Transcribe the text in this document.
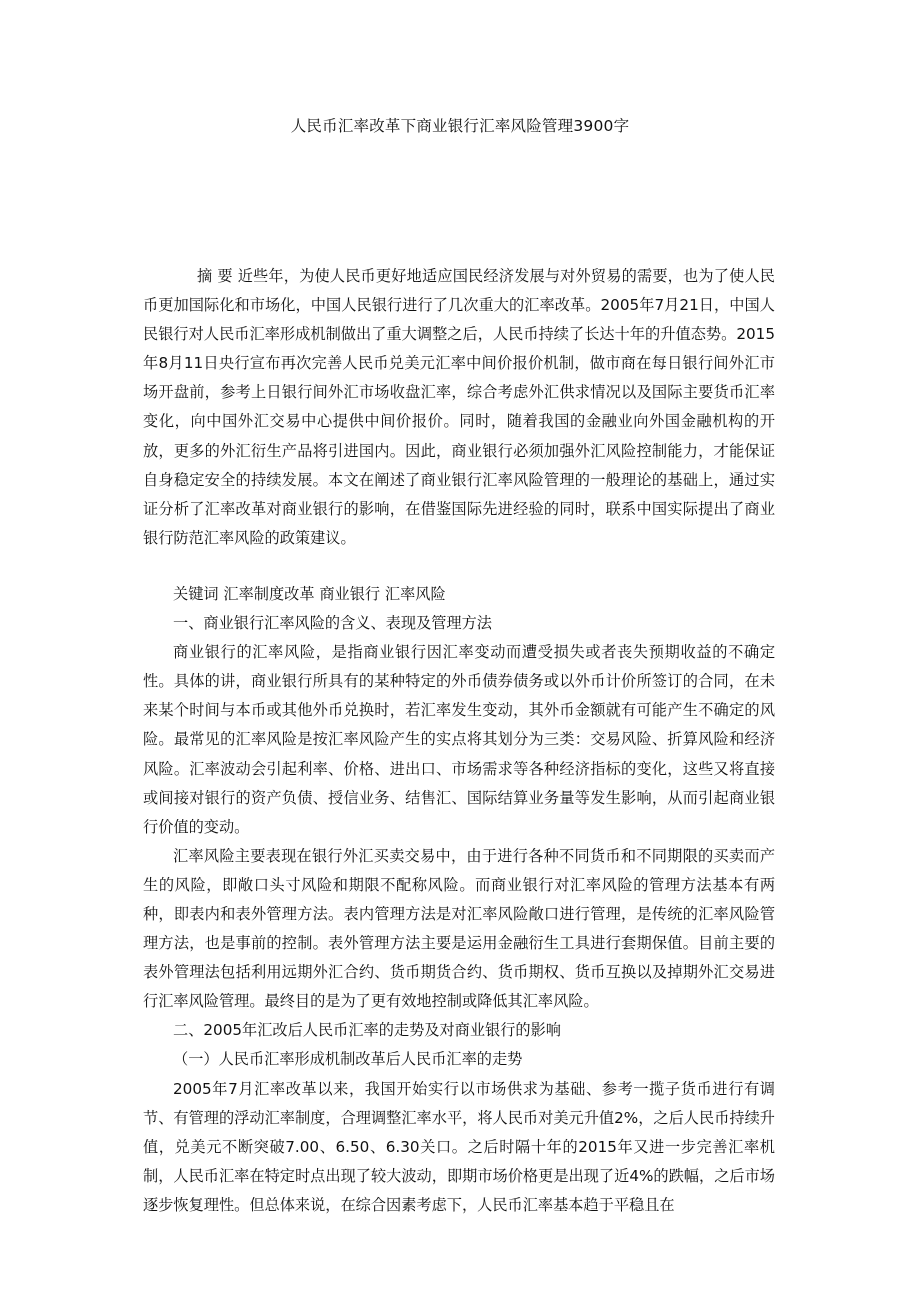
人民币汇率改革下商业银行汇率风险管理3900字

摘 要 近些年，为使人民币更好地适应国民经济发展与对外贸易的需要，也为了使人民币更加国际化和市场化，中国人民银行进行了几次重大的汇率改革。2005年7月21日，中国人民银行对人民币汇率形成机制做出了重大调整之后，人民币持续了长达十年的升值态势。2015年8月11日央行宣布再次完善人民币兑美元汇率中间价报价机制，做市商在每日银行间外汇市场开盘前，参考上日银行间外汇市场收盘汇率，综合考虑外汇供求情况以及国际主要货币汇率变化，向中国外汇交易中心提供中间价报价。同时，随着我国的金融业向外国金融机构的开放，更多的外汇衍生产品将引进国内。因此，商业银行必须加强外汇风险控制能力，才能保证自身稳定安全的持续发展。本文在阐述了商业银行汇率风险管理的一般理论的基础上，通过实证分析了汇率改革对商业银行的影响，在借鉴国际先进经验的同时，联系中国实际提出了商业银行防范汇率风险的政策建议。

关键词 汇率制度改革 商业银行 汇率风险

一、商业银行汇率风险的含义、表现及管理方法

商业银行的汇率风险，是指商业银行因汇率变动而遭受损失或者丧失预期收益的不确定性。具体的讲，商业银行所具有的某种特定的外币债券债务或以外币计价所签订的合同，在未来某个时间与本币或其他外币兑换时，若汇率发生变动，其外币金额就有可能产生不确定的风险。最常见的汇率风险是按汇率风险产生的实点将其划分为三类：交易风险、折算风险和经济风险。汇率波动会引起利率、价格、进出口、市场需求等各种经济指标的变化，这些又将直接或间接对银行的资产负债、授信业务、结售汇、国际结算业务量等发生影响，从而引起商业银行价值的变动。

汇率风险主要表现在银行外汇买卖交易中，由于进行各种不同货币和不同期限的买卖而产生的风险，即敞口头寸风险和期限不配称风险。而商业银行对汇率风险的管理方法基本有两种，即表内和表外管理方法。表内管理方法是对汇率风险敞口进行管理，是传统的汇率风险管理方法，也是事前的控制。表外管理方法主要是运用金融衍生工具进行套期保值。目前主要的表外管理法包括利用远期外汇合约、货币期货合约、货币期权、货币互换以及掉期外汇交易进行汇率风险管理。最终目的是为了更有效地控制或降低其汇率风险。

二、2005年汇改后人民币汇率的走势及对商业银行的影响

（一）人民币汇率形成机制改革后人民币汇率的走势

2005年7月汇率改革以来，我国开始实行以市场供求为基础、参考一揽子货币进行有调节、有管理的浮动汇率制度，合理调整汇率水平，将人民币对美元升值2%，之后人民币持续升值，兑美元不断突破7.00、6.50、6.30关口。之后时隔十年的2015年又进一步完善汇率机制，人民币汇率在特定时点出现了较大波动，即期市场价格更是出现了近4%的跌幅，之后市场逐步恢复理性。但总体来说，在综合因素考虑下，人民币汇率基本趋于平稳且在
